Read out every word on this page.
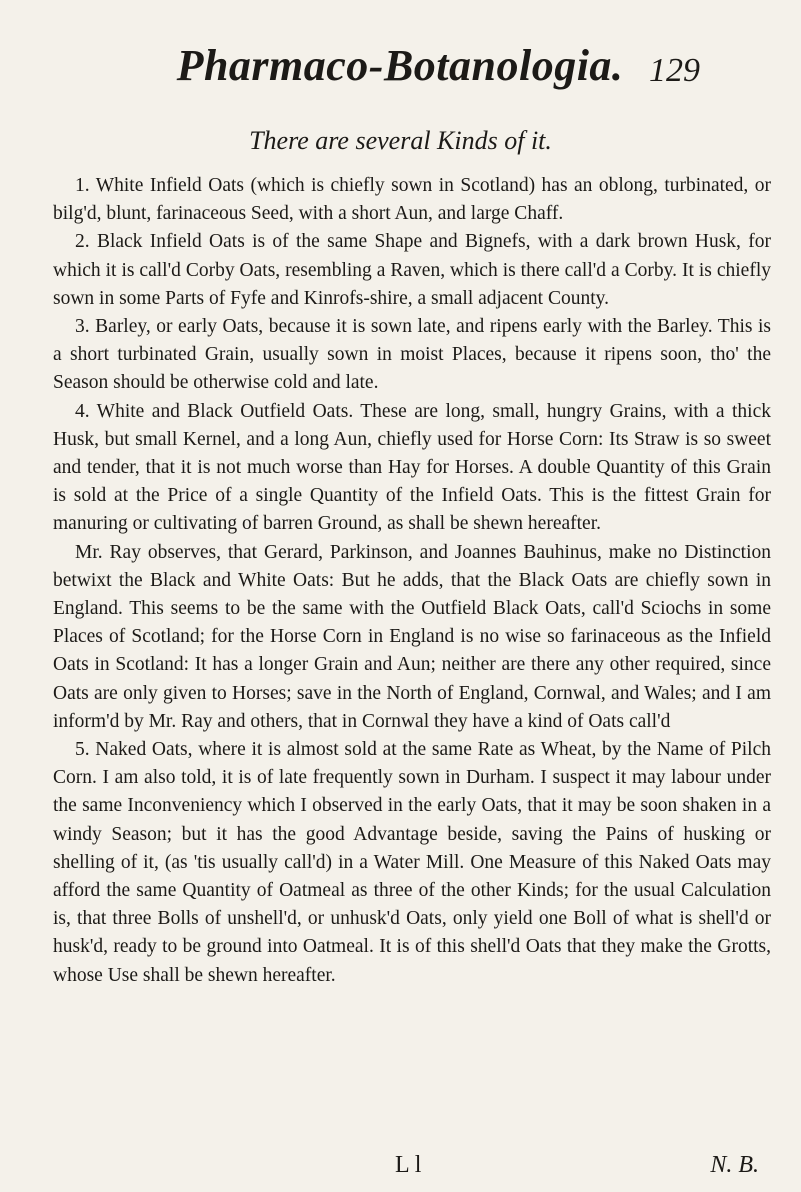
Pharmaco-Botanologia. 129
There are several Kinds of it.

1. White Infield Oats (which is chiefly sown in Scotland) has an oblong, turbinated, or bilg'd, blunt, farinaceous Seed, with a short Aun, and large Chaff.

2. Black Infield Oats is of the same Shape and Bignefs, with a dark brown Husk, for which it is call'd Corby Oats, resembling a Raven, which is there call'd a Corby. It is chiefly sown in some Parts of Fyfe and Kinrofs-shire, a small adjacent County.

3. Barley, or early Oats, because it is sown late, and ripens early with the Barley. This is a short turbinated Grain, usually sown in moist Places, because it ripens soon, tho' the Season should be otherwise cold and late.

4. White and Black Outfield Oats. These are long, small, hungry Grains, with a thick Husk, but small Kernel, and a long Aun, chiefly used for Horse Corn: Its Straw is so sweet and tender, that it is not much worse than Hay for Horses. A double Quantity of this Grain is sold at the Price of a single Quantity of the Infield Oats. This is the fittest Grain for manuring or cultivating of barren Ground, as shall be shewn hereafter.

Mr. Ray observes, that Gerard, Parkinson, and Joannes Bauhinus, make no Distinction betwixt the Black and White Oats: But he adds, that the Black Oats are chiefly sown in England. This seems to be the same with the Outfield Black Oats, call'd Sciochs in some Places of Scotland; for the Horse Corn in England is no wise so farinaceous as the Infield Oats in Scotland: It has a longer Grain and Aun; neither are there any other required, since Oats are only given to Horses; save in the North of England, Cornwal, and Wales; and I am inform'd by Mr. Ray and others, that in Cornwal they have a kind of Oats call'd

5. Naked Oats, where it is almost sold at the same Rate as Wheat, by the Name of Pilch Corn. I am also told, it is of late frequently sown in Durham. I suspect it may labour under the same Inconveniency which I observed in the early Oats, that it may be soon shaken in a windy Season; but it has the good Advantage beside, saving the Pains of husking or shelling of it, (as 'tis usually call'd) in a Water Mill. One Measure of this Naked Oats may afford the same Quantity of Oatmeal as three of the other Kinds; for the usual Calculation is, that three Bolls of unshell'd, or unhusk'd Oats, only yield one Boll of what is shell'd or husk'd, ready to be ground into Oatmeal. It is of this shell'd Oats that they make the Grotts, whose Use shall be shewn hereafter.

L l	N. B.
